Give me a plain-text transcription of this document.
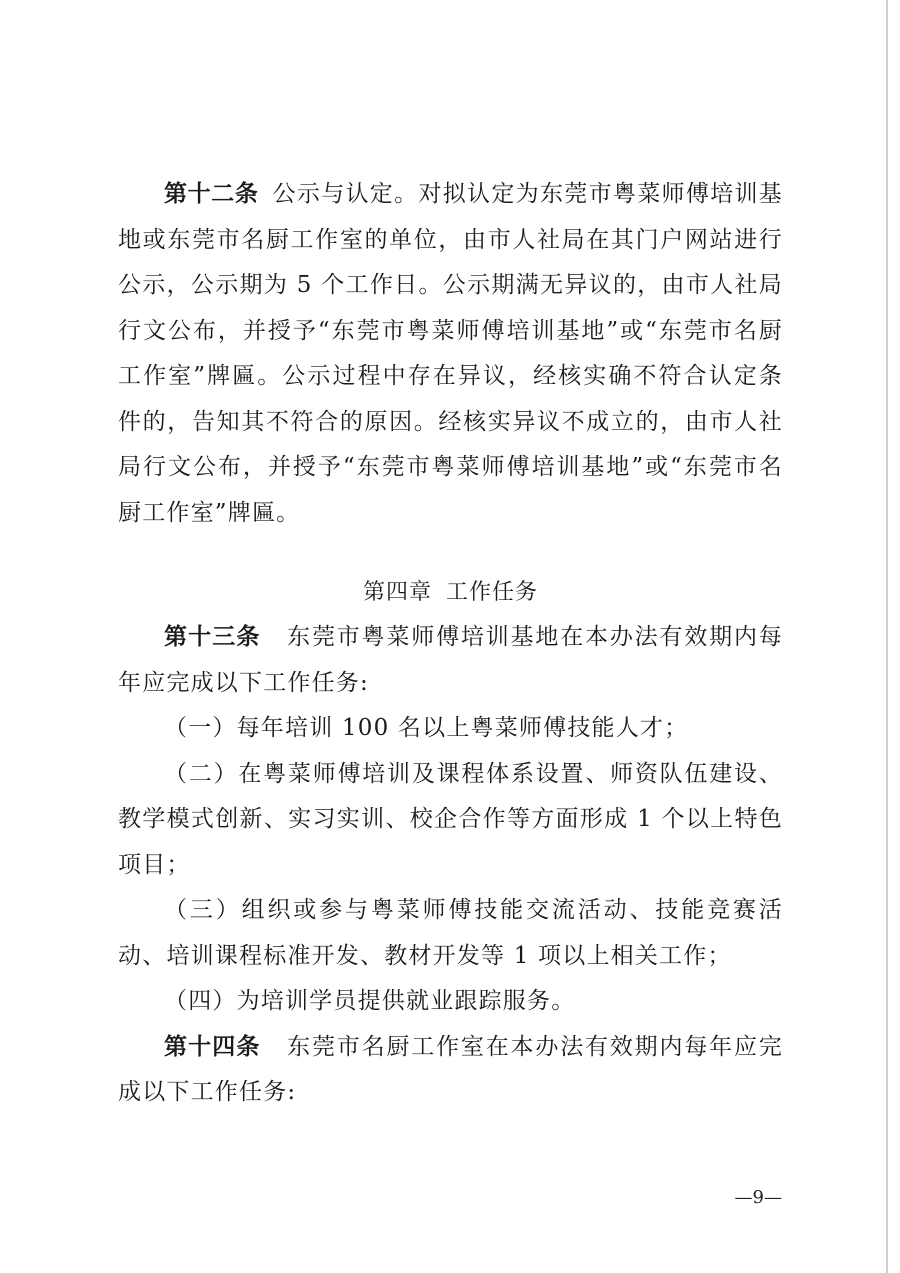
第十二条 公示与认定。对拟认定为东莞市粤菜师傅培训基地或东莞市名厨工作室的单位，由市人社局在其门户网站进行公示，公示期为 5 个工作日。公示期满无异议的，由市人社局行文公布，并授予“东莞市粤菜师傅培训基地”或“东莞市名厨工作室”牌匾。公示过程中存在异议，经核实确不符合认定条件的，告知其不符合的原因。经核实异议不成立的，由市人社局行文公布，并授予“东莞市粤菜师傅培训基地”或“东莞市名厨工作室”牌匾。

第四章 工作任务

第十三条 东莞市粤菜师傅培训基地在本办法有效期内每年应完成以下工作任务:

（一）每年培训 100 名以上粤菜师傅技能人才；

（二）在粤菜师傅培训及课程体系设置、师资队伍建设、教学模式创新、实习实训、校企合作等方面形成 1 个以上特色项目；

（三）组织或参与粤菜师傅技能交流活动、技能竞赛活动、培训课程标准开发、教材开发等 1 项以上相关工作；

（四）为培训学员提供就业跟踪服务。

第十四条 东莞市名厨工作室在本办法有效期内每年应完成以下工作任务:

—9—
